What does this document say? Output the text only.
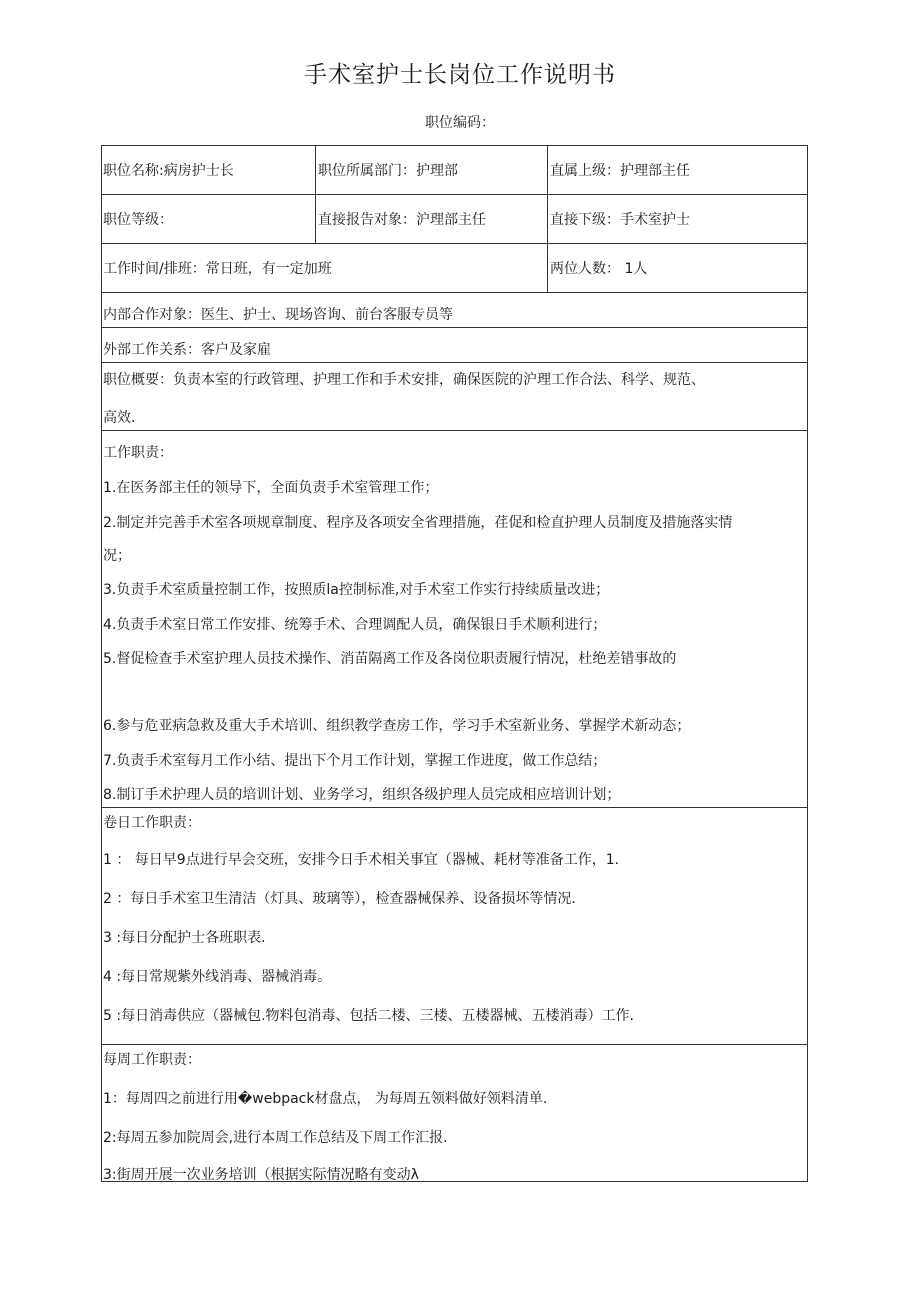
手术室护士长岗位工作说明书
职位编码：
职位名称:病房护士长	职位所属部门：护理部	直属上级：护理部主任
职位等级：	直接报告对象：沪理部主任	直接下级：手术室护士
工作时间/排班：常日班，有一定加班	两位人数： 1人
内部合作对象：医生、护士、现场咨询、前台客服专员等
外部工作关系：客户及家雇
职位概要：负责本室的行政管理、护理工作和手术安排，确保医院的沪理工作合法、科学、规范、
高效.
工作职责：
1.在医务部主任的领导下，全面负责手术室管理工作；
2.制定并完善手术室各项规章制度、程序及各项安全省理措施，荏促和检直护理人员制度及措施落实情
况；
3.负责手术室质量控制工作，按照质la控制标准,对手术室工作实行持续质量改进；
4.负责手术室日常工作安排、统筹手术、合理调配人员，确保银日手术顺利进行；
5.督促检查手术室护理人员技术操作、消苗隔离工作及各岗位职责履行情况，杜绝差错事故的
6.参与危亚病急救及重大手术培训、组织教学查房工作，学习手术室新业务、掌握学术新动态；
7.负责手术室每月工作小结、提出下个月工作计划，掌握工作进度，做工作总结；
8.制订手术护理人员的培训计划、业务学习，组织各级护理人员完成相应培训计划；
卷日工作职责：
1 ： 每日早9点进行早会交班，安排今日手术相关事宜（器械、耗材等准备工作，1.
2 ：每日手术室卫生清洁（灯具、玻璃等），检查器械保养、设备损坏等情况.
3 :每日分配护士各班职表.
4 :每日常规紫外线消毒、器械消毒。
5 :每日消毒供应（器械包.物料包消毒、包括二楼、三楼、五楼器械、五楼消毒）工作.
每周工作职责：
1：每周四之前进行用�webpack材盘点， 为每周五领料做好领料清单.
2:每周五参加院周会,进行本周工作总结及下周工作汇报.
3:街周开展一次业务培训（根据实际情况略有变动λ
